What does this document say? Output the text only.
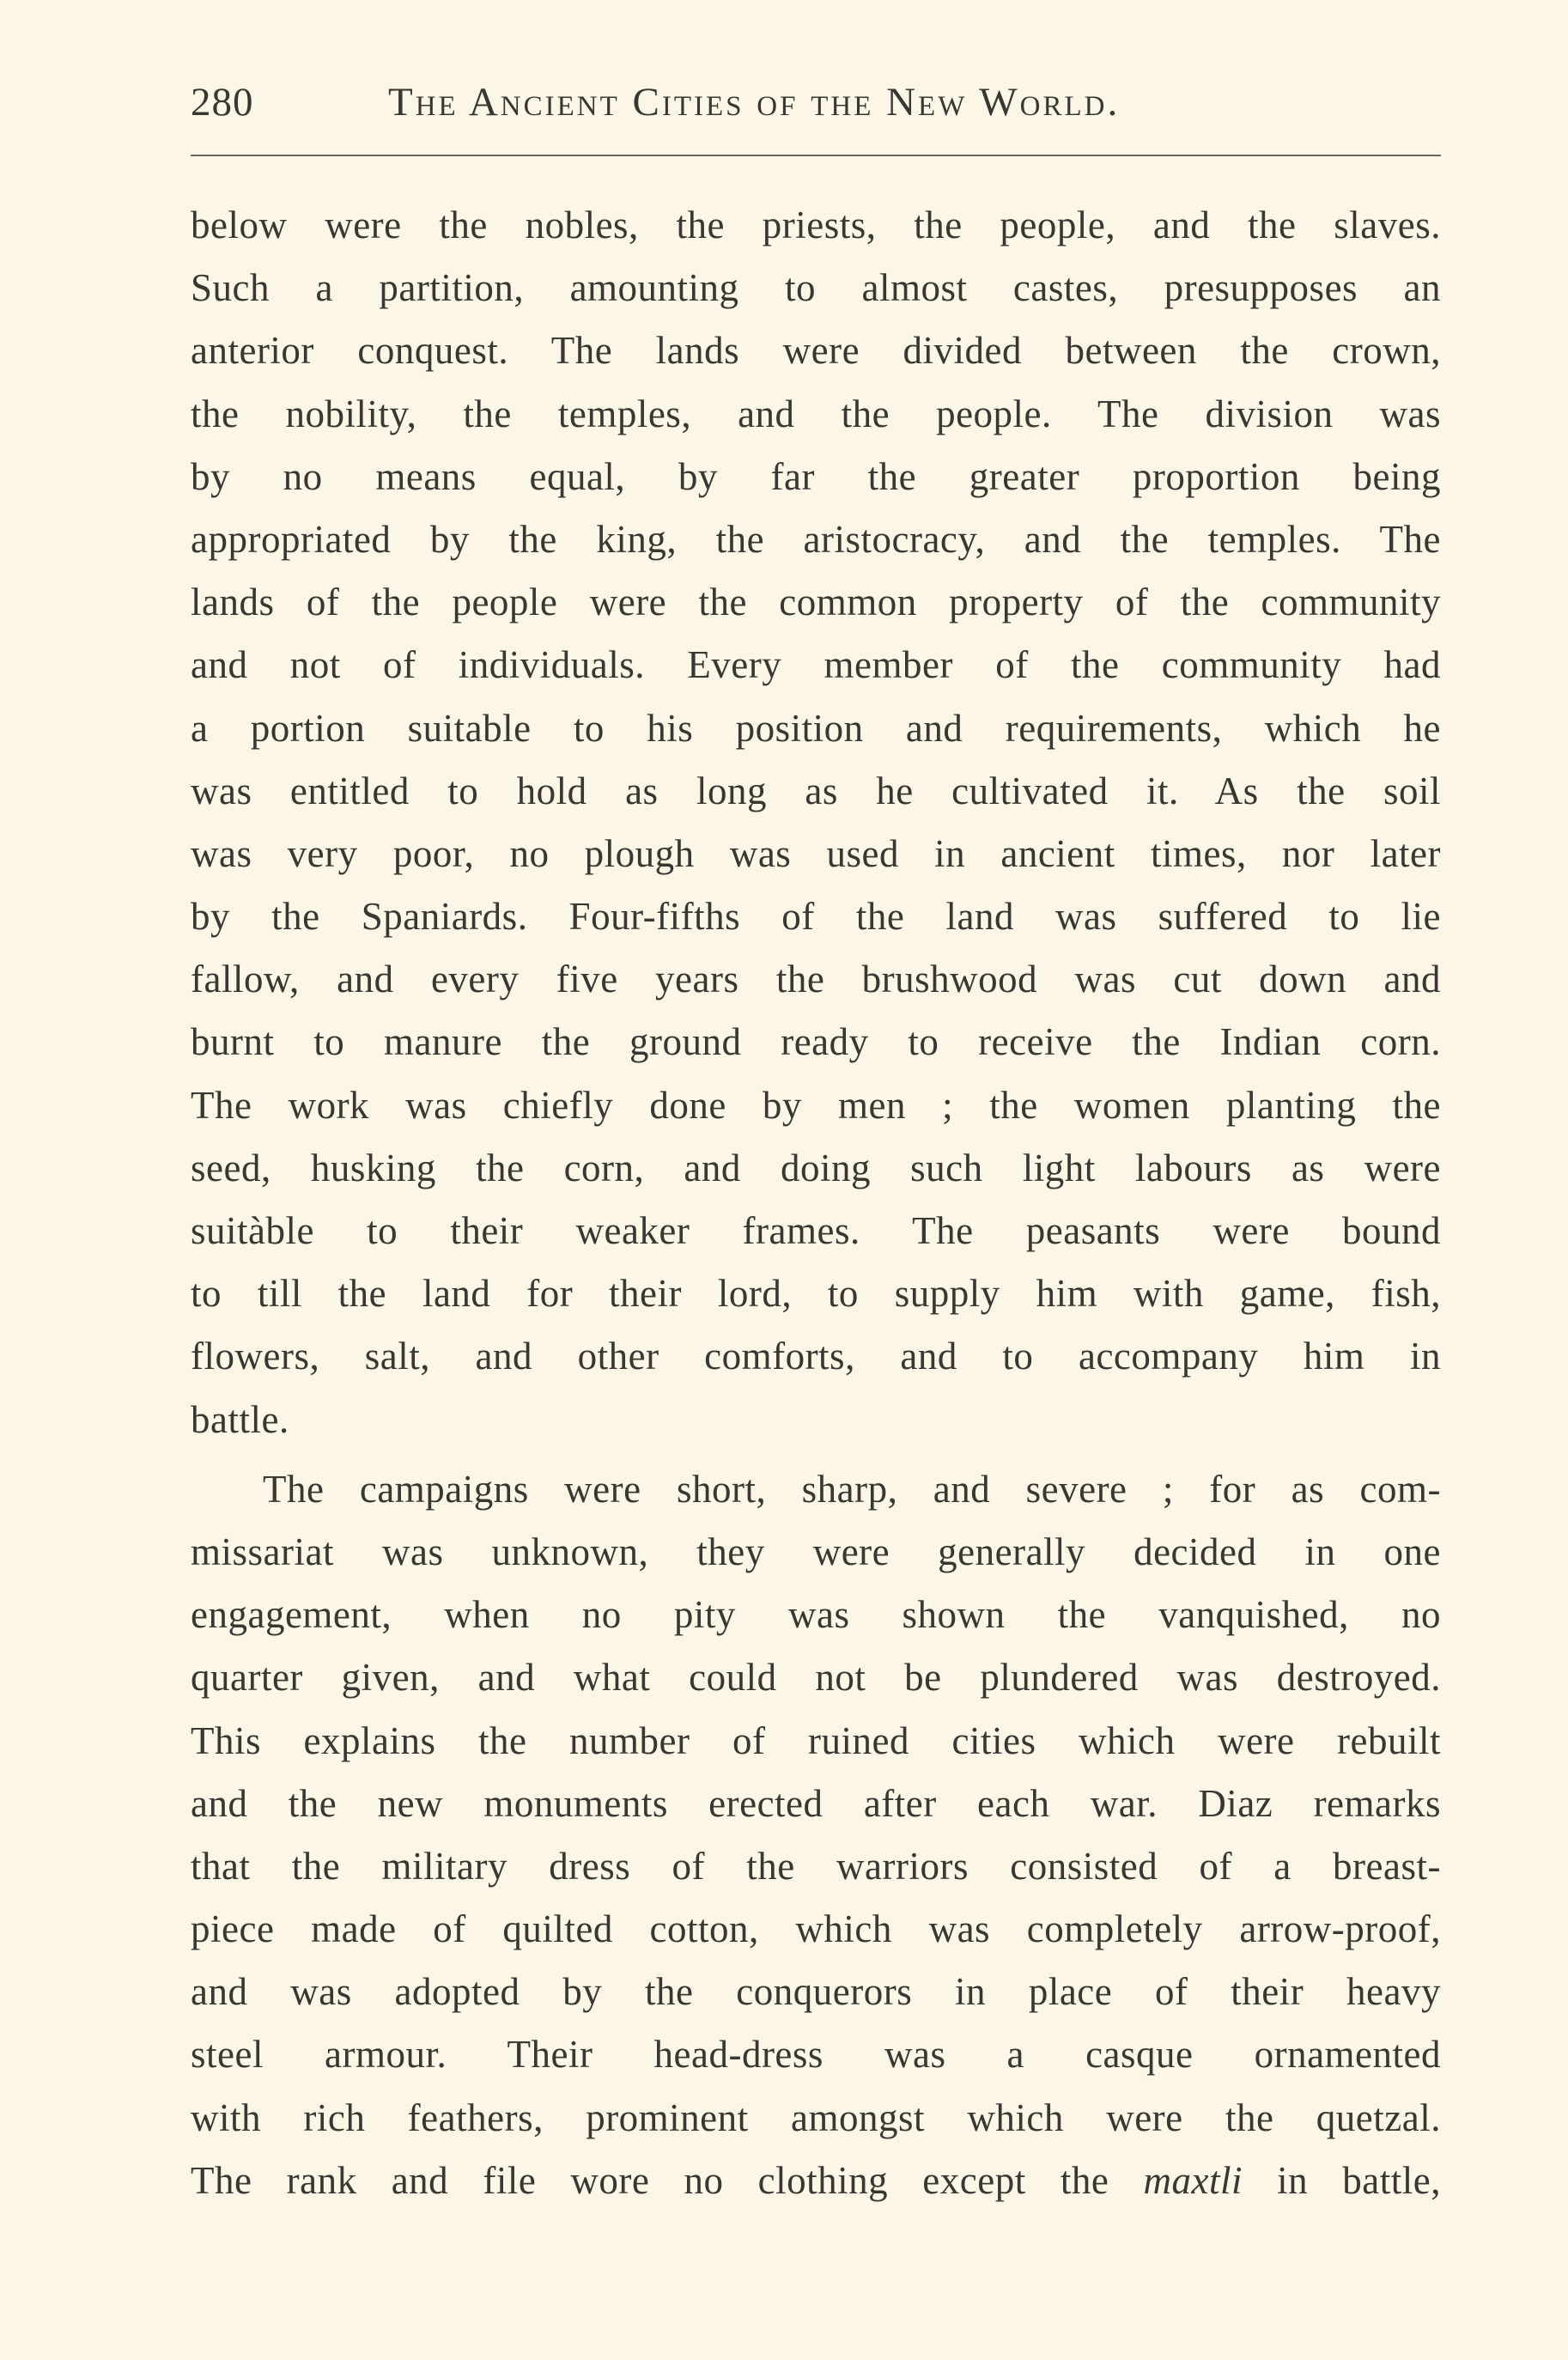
280	The Ancient Cities of the New World.
below were the nobles, the priests, the people, and the slaves.
Such a partition, amounting to almost castes, presupposes an
anterior conquest. The lands were divided between the crown,
the nobility, the temples, and the people. The division was
by no means equal, by far the greater proportion being
appropriated by the king, the aristocracy, and the temples. The
lands of the people were the common property of the community
and not of individuals. Every member of the community had
a portion suitable to his position and requirements, which he
was entitled to hold as long as he cultivated it. As the soil
was very poor, no plough was used in ancient times, nor later
by the Spaniards. Four-fifths of the land was suffered to lie
fallow, and every five years the brushwood was cut down and
burnt to manure the ground ready to receive the Indian corn.
The work was chiefly done by men ; the women planting the
seed, husking the corn, and doing such light labours as were
suitàble to their weaker frames. The peasants were bound
to till the land for their lord, to supply him with game, fish,
flowers, salt, and other comforts, and to accompany him in
battle.
The campaigns were short, sharp, and severe ; for as com-
missariat was unknown, they were generally decided in one
engagement, when no pity was shown the vanquished, no
quarter given, and what could not be plundered was destroyed.
This explains the number of ruined cities which were rebuilt
and the new monuments erected after each war. Diaz remarks
that the military dress of the warriors consisted of a breast-
piece made of quilted cotton, which was completely arrow-proof,
and was adopted by the conquerors in place of their heavy
steel armour. Their head-dress was a casque ornamented
with rich feathers, prominent amongst which were the quetzal.
The rank and file wore no clothing except the maxtli in battle,
